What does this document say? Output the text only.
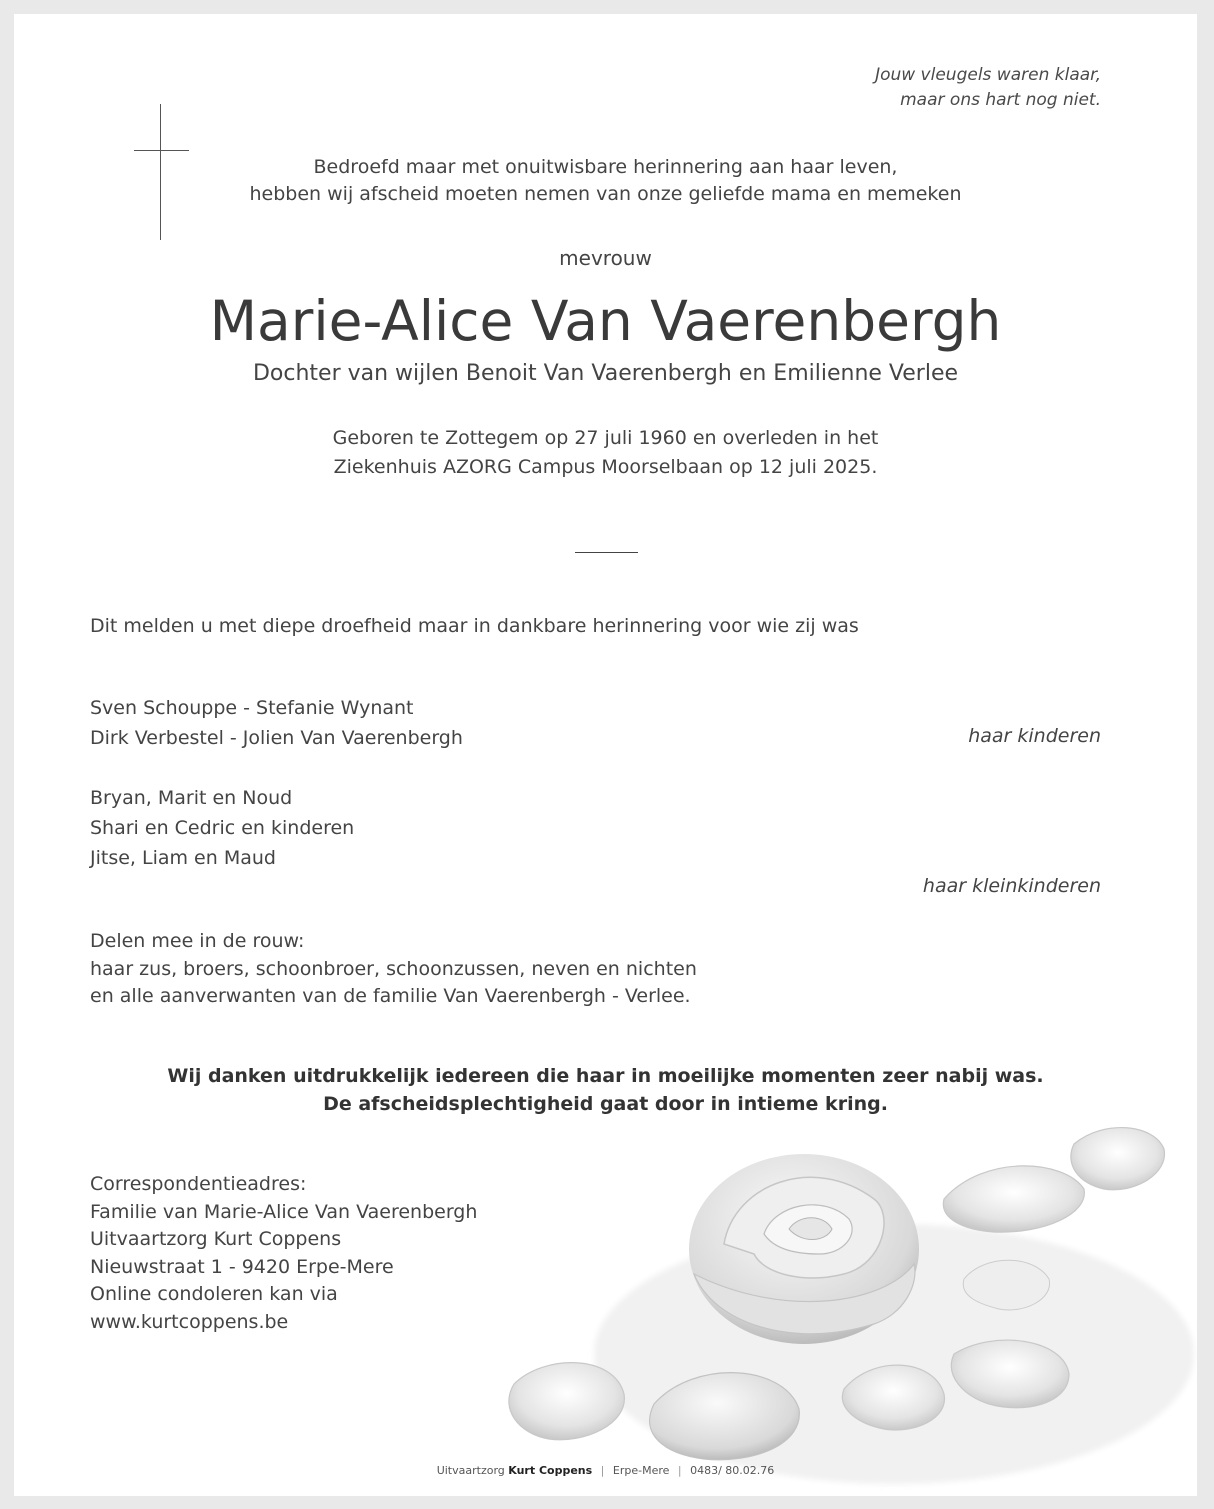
Jouw vleugels waren klaar,
maar ons hart nog niet.
Bedroefd maar met onuitwisbare herinnering aan haar leven,
hebben wij afscheid moeten nemen van onze geliefde mama en memeken
mevrouw
Marie-Alice Van Vaerenbergh
Dochter van wijlen Benoit Van Vaerenbergh en Emilienne Verlee
Geboren te Zottegem op 27 juli 1960 en overleden in het
Ziekenhuis AZORG Campus Moorselbaan op 12 juli 2025.
Dit melden u met diepe droefheid maar in dankbare herinnering voor wie zij was
Sven Schouppe - Stefanie Wynant
Dirk Verbestel - Jolien Van Vaerenbergh	haar kinderen
Bryan, Marit en Noud
Shari en Cedric en kinderen
Jitse, Liam en Maud
haar kleinkinderen
Delen mee in de rouw:
haar zus, broers, schoonbroer, schoonzussen, neven en nichten
en alle aanverwanten van de familie Van Vaerenbergh - Verlee.
Wij danken uitdrukkelijk iedereen die haar in moeilijke momenten zeer nabij was.
De afscheidsplechtigheid gaat door in intieme kring.
Correspondentieadres:
Familie van Marie-Alice Van Vaerenbergh
Uitvaartzorg Kurt Coppens
Nieuwstraat 1 - 9420 Erpe-Mere
Online condoleren kan via
www.kurtcoppens.be
Uitvaartzorg Kurt Coppens | Erpe-Mere | 0483/ 80.02.76
